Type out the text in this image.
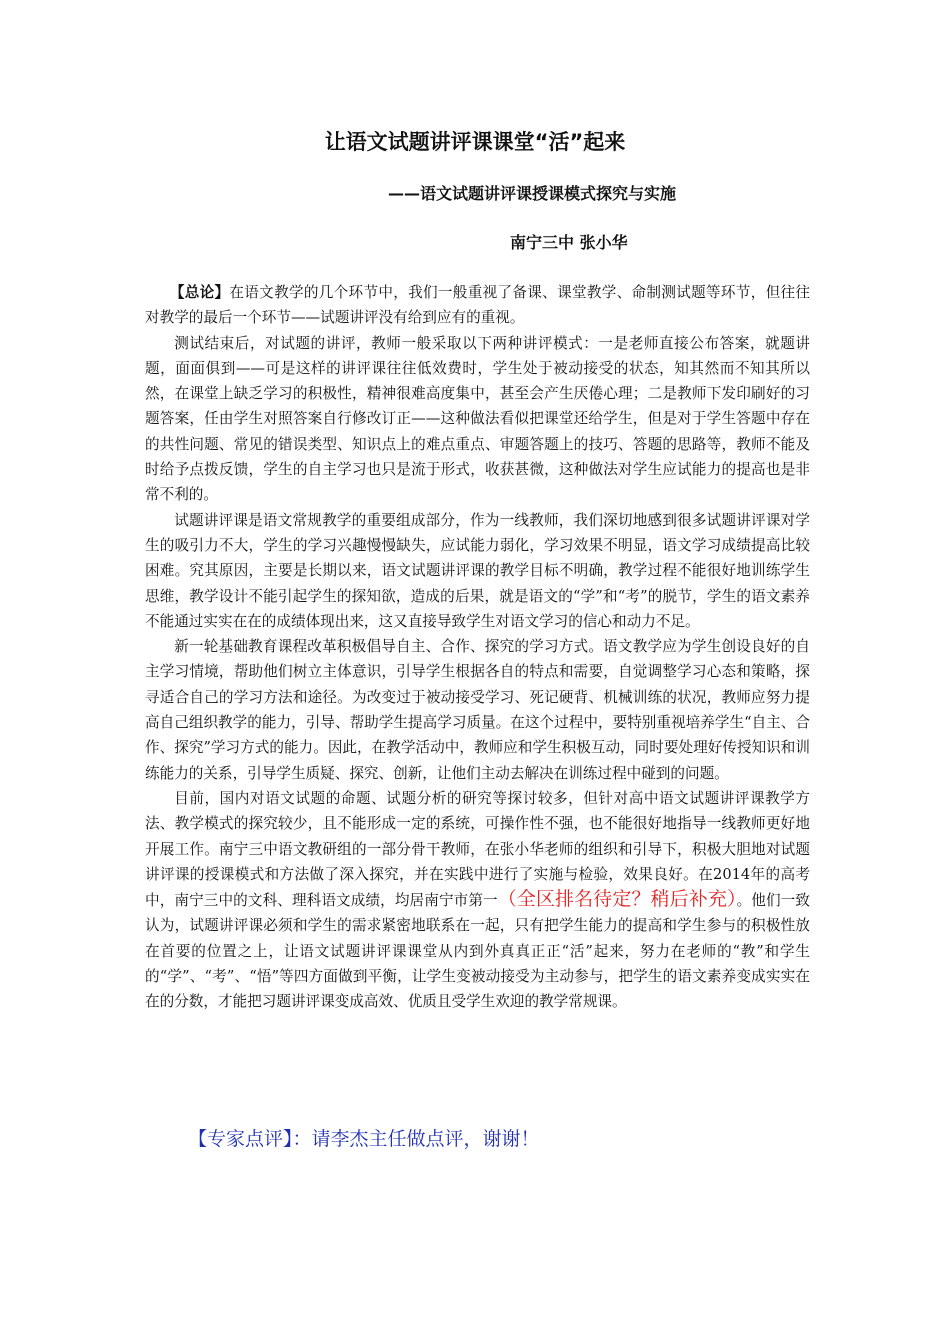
让语文试题讲评课课堂“活”起来
——语文试题讲评课授课模式探究与实施
南宁三中 张小华

【总论】在语文教学的几个环节中，我们一般重视了备课、课堂教学、命制测试题等环节，但往往对教学的最后一个环节——试题讲评没有给到应有的重视。

测试结束后，对试题的讲评，教师一般采取以下两种讲评模式：一是老师直接公布答案，就题讲题，面面俱到——可是这样的讲评课往往低效费时，学生处于被动接受的状态，知其然而不知其所以然，在课堂上缺乏学习的积极性，精神很难高度集中，甚至会产生厌倦心理；二是教师下发印刷好的习题答案，任由学生对照答案自行修改订正——这种做法看似把课堂还给学生，但是对于学生答题中存在的共性问题、常见的错误类型、知识点上的难点重点、审题答题上的技巧、答题的思路等，教师不能及时给予点拨反馈，学生的自主学习也只是流于形式，收获甚微，这种做法对学生应试能力的提高也是非常不利的。

试题讲评课是语文常规教学的重要组成部分，作为一线教师，我们深切地感到很多试题讲评课对学生的吸引力不大，学生的学习兴趣慢慢缺失，应试能力弱化，学习效果不明显，语文学习成绩提高比较困难。究其原因，主要是长期以来，语文试题讲评课的教学目标不明确，教学过程不能很好地训练学生思维，教学设计不能引起学生的探知欲，造成的后果，就是语文的“学”和“考”的脱节，学生的语文素养不能通过实实在在的成绩体现出来，这又直接导致学生对语文学习的信心和动力不足。

新一轮基础教育课程改革积极倡导自主、合作、探究的学习方式。语文教学应为学生创设良好的自主学习情境，帮助他们树立主体意识，引导学生根据各自的特点和需要，自觉调整学习心态和策略，探寻适合自己的学习方法和途径。为改变过于被动接受学习、死记硬背、机械训练的状况，教师应努力提高自己组织教学的能力，引导、帮助学生提高学习质量。在这个过程中，要特别重视培养学生“自主、合作、探究”学习方式的能力。因此，在教学活动中，教师应和学生积极互动，同时要处理好传授知识和训练能力的关系，引导学生质疑、探究、创新，让他们主动去解决在训练过程中碰到的问题。

目前，国内对语文试题的命题、试题分析的研究等探讨较多，但针对高中语文试题讲评课教学方法、教学模式的探究较少，且不能形成一定的系统，可操作性不强，也不能很好地指导一线教师更好地开展工作。南宁三中语文教研组的一部分骨干教师，在张小华老师的组织和引导下，积极大胆地对试题讲评课的授课模式和方法做了深入探究，并在实践中进行了实施与检验，效果良好。在2014年的高考中，南宁三中的文科、理科语文成绩，均居南宁市第一（全区排名待定？稍后补充）。他们一致认为，试题讲评课必须和学生的需求紧密地联系在一起，只有把学生能力的提高和学生参与的积极性放在首要的位置之上，让语文试题讲评课课堂从内到外真真正正“活”起来，努力在老师的“教”和学生的“学”、“考”、“悟”等四方面做到平衡，让学生变被动接受为主动参与，把学生的语文素养变成实实在在的分数，才能把习题讲评课变成高效、优质且受学生欢迎的教学常规课。

【专家点评】：请李杰主任做点评，谢谢！
